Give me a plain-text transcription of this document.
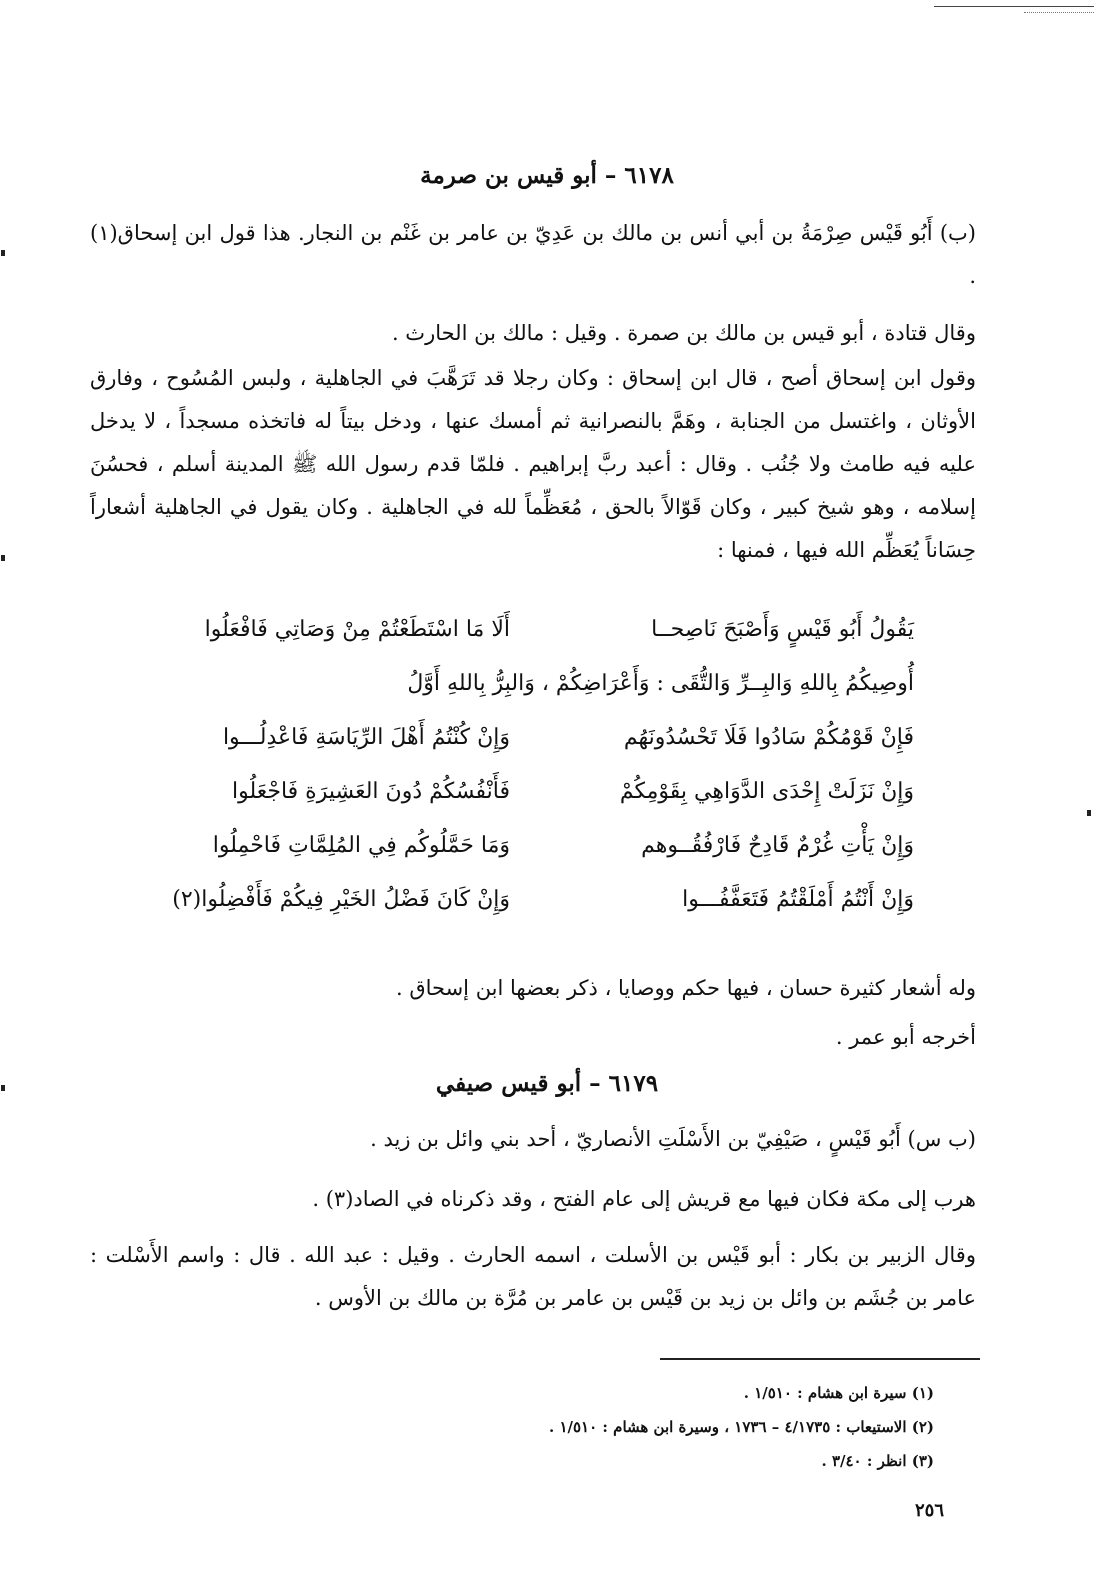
٦١٧٨ – أبو قيس بن صرمة

(ب) أَبُو قَيْس صِرْمَةُ بن أبي أنس بن مالك بن عَدِيّ بن عامر بن غَنْم بن النجار. هذا قول ابن إسحاق(١) .

وقال قتادة ، أبو قيس بن مالك بن صمرة . وقيل : مالك بن الحارث .

وقول ابن إسحاق أصح ، قال ابن إسحاق : وكان رجلا قد تَرَهَّبَ في الجاهلية ، ولبس المُسُوح ، وفارق الأوثان ، واغتسل من الجنابة ، وهَمَّ بالنصرانية ثم أمسك عنها ، ودخل بيتاً له فاتخذه مسجداً ، لا يدخل عليه فيه طامث ولا جُنُب . وقال : أعبد ربَّ إبراهيم . فلمّا قدم رسول الله ﷺ المدينة أسلم ، فحسُنَ إسلامه ، وهو شيخ كبير ، وكان قَوّالاً بالحق ، مُعَظِّماً لله في الجاهلية . وكان يقول في الجاهلية أشعاراً حِسَاناً يُعَظِّم الله فيها ، فمنها :

يَقُولُ أَبُو قَيْسٍ وَأَصْبَحَ نَاصِحــا
أَلَا مَا اسْتَطَعْتُمْ مِنْ وَصَاتِي فَافْعَلُوا
أُوصِيكُمُ بِاللهِ وَالبِــرِّ وَالتُّقَى : وَأَعْرَاضِكُمْ ، وَالبِرُّ بِاللهِ أَوَّلُ
فَإِنْ قَوْمُكُمْ سَادُوا فَلَا تَحْسُدُونَهُم
وَإِنْ كُنْتُمُ أَهْلَ الرِّيَاسَةِ فَاعْدِلُـــوا
وَإِنْ نَزَلَتْ إِحْدَى الدَّوَاهِي بِقَوْمِكُمْ
فَأَنْفُسُكُمْ دُونَ العَشِيرَةِ فَاجْعَلُوا
وَإِنْ يَأْتِ غُرْمٌ قَادِحٌ فَارْفُقُــوهم
وَمَا حَمَّلُوكُم فِي المُلِمَّاتِ فَاحْمِلُوا
وَإِنْ أَنْتُمُ أَمْلَقْتُمُ فَتَعَفَّفُـــوا
وَإِنْ كَانَ فَضْلُ الخَيْرِ فِيكُمْ فَأَفْضِلُوا(٢)

وله أشعار كثيرة حسان ، فيها حكم ووصايا ، ذكر بعضها ابن إسحاق .

أخرجه أبو عمر .

٦١٧٩ – أبو قيس صيفي

(ب س) أَبُو قَيْسٍ ، صَيْفِيّ بن الأَسْلَتِ الأنصاريّ ، أحد بني وائل بن زيد .

هرب إلى مكة فكان فيها مع قريش إلى عام الفتح ، وقد ذكرناه في الصاد(٣) .

وقال الزبير بن بكار : أبو قَيْس بن الأسلت ، اسمه الحارث . وقيل : عبد الله . قال : واسم الأَسْلت : عامر بن جُشَم بن وائل بن زيد بن قَيْس بن عامر بن مُرَّة بن مالك بن الأوس .

(١) سيرة ابن هشام : ١/٥١٠ .
(٢) الاستيعاب : ٤/١٧٣٥ – ١٧٣٦ ، وسيرة ابن هشام : ١/٥١٠ .
(٣) انظر : ٣/٤٠ .
٢٥٦
